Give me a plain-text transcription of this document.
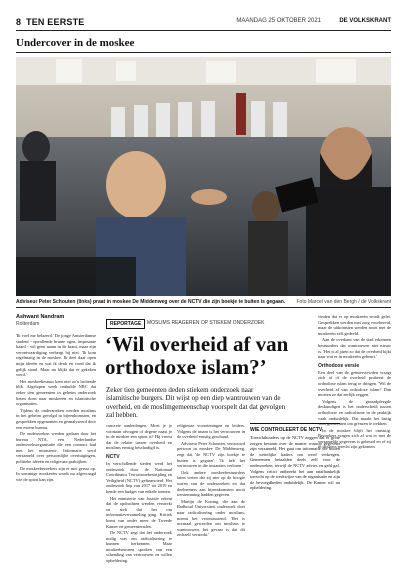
8 TEN EERSTE	MAANDAG 25 OKTOBER 2021	DE VOLKSKRANT
Undercover in de moskee
Adviseur Peter Schouten (links) praat in moskee De Middenweg over de NCTV die zijn boekje te buiten is gegaan. Foto Marcel van den Bergh / de Volkskrant
Ashwant Nandram
Rotterdam

'Ik voel me belazerd.' De jonge Amsterdamse student - opvallende bruine ogen, imposante baard - wil geen naam in de krant, maar zijn verontwaardiging verbergt hij niet. 'Ik kom regelmatig in de moskee. Ik deel daar open mijn ideeën en wat ik denk en vond dat ik gelijk stond. Maar nu blijkt dat er gekeken werd.'

Het moskeebestuur kent niet zo'n lachende blik. Afgelopen week onthulde NRC dat zeker tien gemeenten in geheim onderzoek lieten doen naar moskeeën en islamitische organisaties.

Tijdens de onderzoeken werden moslims in het geheim gevolgd in bijeenkomsten, en gesprekken opgenomen en geanalyseerd door een extern bureau.

De onderzoeken werden gedaan door het bureau NTA, een Nederlandse onderzoeksorganisatie die een contract had met het ministerie. Informatie werd verzameld over persoonlijke overtuigingen, politieke ideeën en religieuze praktijken.

De moskeebezoekers zijn er niet gerust op. In sommige moskeeën wordt nu afgevraagd wie de spion kan zijn.

REPORTAGE	MOSLIMS REAGEREN OP STIEKEM ONDERZOEK
‘Wil overheid af van orthodoxe islam?’
Zeker tien gemeenten deden stiekem onderzoek naar islamitische burgers. Dit wijst op een diep wantrouwen van de overheid, en de moslimgemeenschap voorspelt dat dat gevolgen zal hebben.

concrete aanleidingen. Moet je je voortaan afvragen of degene naast je in de moskee een spion is? Hij vreest dat de relatie tussen overheid en moslims ernstig beschadigd is.

NCTV

In verschillende steden werd het onderzoek door de Nationaal Coördinator Terrorismebestrijding en Veiligheid (NCTV) gefinancierd. Het onderzoek liep van 2017 tot 2019 en kende een budget van enkele tonnen.

Het ministerie van Justitie erkent dat de opdrachten werden verstrekt en stelt dat het om informatieverzameling ging. Kritiek komt van onder meer de Tweede Kamer en gemeenteraden.

De NCTV zegt dat het onderzoek nodig was om radicalisering te kunnen herkennen. Maar moskeebesturen spreken van een schending van vertrouwen en willen opheldering.

religieuze voorzieningen en leiders. Volgens de imam is het vertrouwen in de overheid ernstig geschaad.

Adviseur Peter Schouten, vertrouwd persoon in moskee De Middenweg, zegt dat 'de NCTV zijn boekje te buiten is gegaan'. 'Ik heb het vertrouwen in die instanties verloren.'

Ook andere moskeebestuurders laten weten dat zij niet op de hoogte waren van de onderzoeken en dat deelnemers aan bijeenkomsten nooit toestemming hadden gegeven.

Martijn de Koning, die aan de Radboud Universiteit onderzoek doet naar radicalisering onder moslims, noemt het verontrustend. 'Het is normaal geworden om moslims te wantrouwen, het gevaar is dat dit zichzelf versterkt.'

WIE CONTROLEERT DE NCTV
Toezichthouders op de NCTV zeggen dat er grote zorgen bestaan over de manier waarop gegevens zijn verzameld. Het gaat om informatie die buiten de wettelijke kaders om werd verkregen. Gemeenten betaalden deels zelf voor de onderzoeken, terwijl de NCTV advies en geld gaf. Volgens critici ontbreekt het aan onafhankelijk toezicht op de werkwijze van de organisatie en zijn de bevoegdheden onduidelijk. De Kamer wil nu opheldering.

vinden dat er op moskeeën wordt gelet. Gesprekken werden met zorg voorbereid, maar de uitkomsten werden nooit met de moskeeën zelf gedeeld.

Aan de overkant van de stad erkennen bestuurders dat wantrouwen niet nieuw is. 'Het is al jaren zo dat de overheid kijkt naar wat er in moskeeën gebeurt.'

Orthodoxe versie

Een deel van de geïnterviewden vraagt zich af of de overheid probeert de orthodoxe islam terug te dringen. 'Wil de overheid af van orthodoxe islam? Dan moeten ze dat eerlijk zeggen.'

Volgens de geraadpleegde deskundigen is het onderscheid tussen orthodoxie en radicalisme in de praktijk vaak onduidelijk. Dat maakt het lastig voor gemeenten om grenzen te trekken.

In de moskee blijft het onrustig. Bezoekers vragen zich af wat er met de verzamelde gegevens is gebeurd en of zij in dossiers terecht zijn gekomen.
